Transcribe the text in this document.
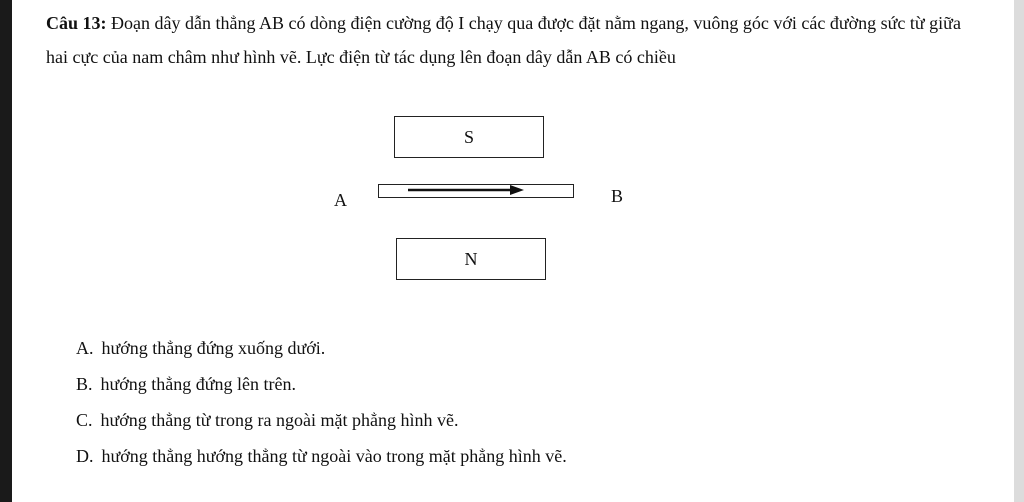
Câu 13: Đoạn dây dẫn thẳng AB có dòng điện cường độ I chạy qua được đặt nằm ngang, vuông góc với các đường sức từ giữa hai cực của nam châm như hình vẽ. Lực điện từ tác dụng lên đoạn dây dẫn AB có chiều
S
A	B
N
A. hướng thẳng đứng xuống dưới.
B. hướng thẳng đứng lên trên.
C. hướng thẳng từ trong ra ngoài mặt phẳng hình vẽ.
D. hướng thẳng hướng thẳng từ ngoài vào trong mặt phẳng hình vẽ.
